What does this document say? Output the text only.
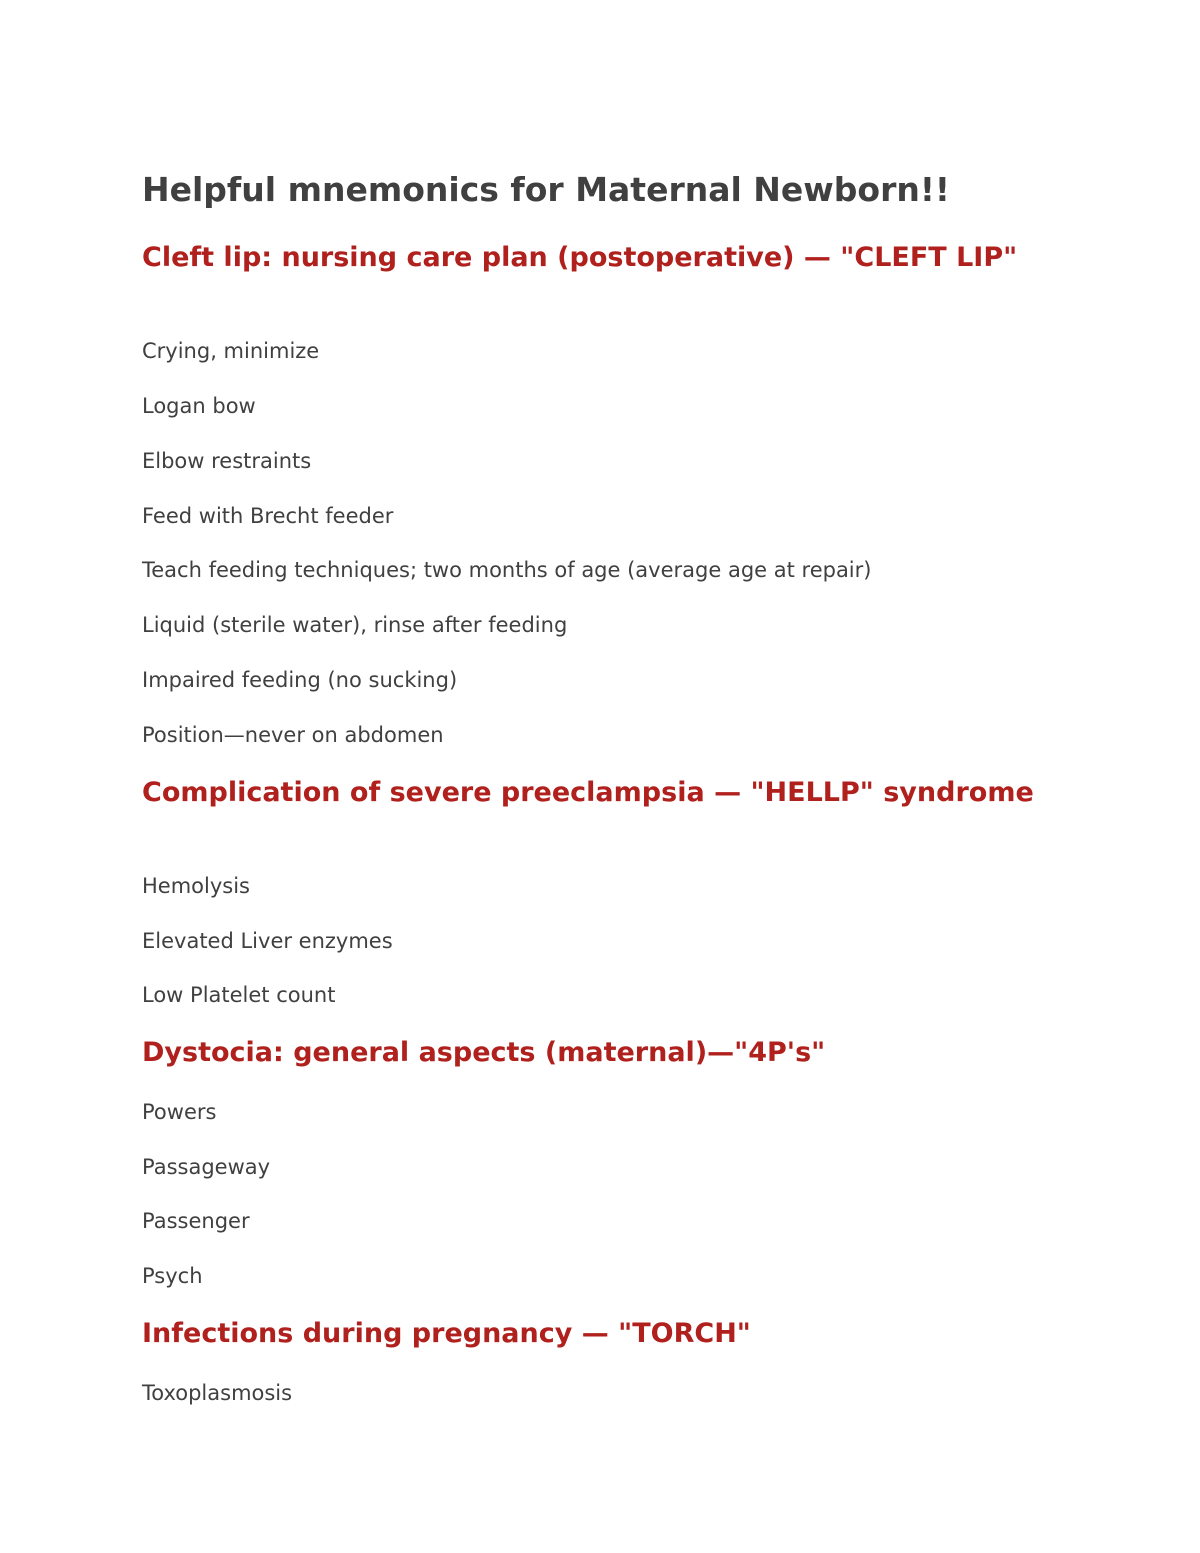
Helpful mnemonics for Maternal Newborn!!
Cleft lip: nursing care plan (postoperative) — "CLEFT LIP"

Crying, minimize

Logan bow

Elbow restraints

Feed with Brecht feeder

Teach feeding techniques; two months of age (average age at repair)

Liquid (sterile water), rinse after feeding

Impaired feeding (no sucking)

Position—never on abdomen

Complication of severe preeclampsia — "HELLP" syndrome

Hemolysis

Elevated Liver enzymes

Low Platelet count

Dystocia: general aspects (maternal)—"4P's"

Powers

Passageway

Passenger

Psych

Infections during pregnancy — "TORCH"

Toxoplasmosis
